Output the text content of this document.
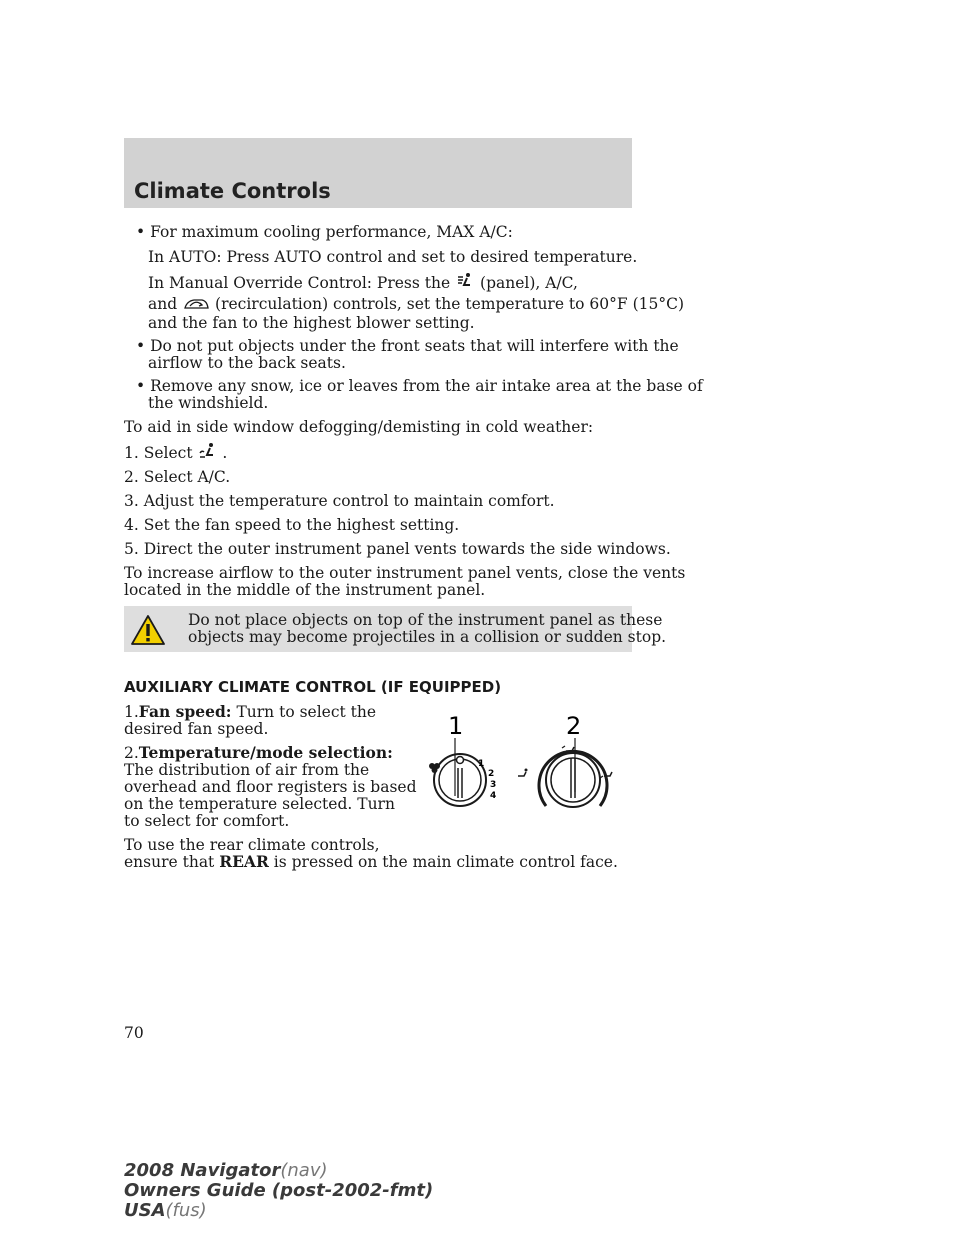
Climate Controls
• For maximum cooling performance, MAX A/C:
In AUTO: Press AUTO control and set to desired temperature.
In Manual Override Control: Press the (panel), A/C,
and (recirculation) controls, set the temperature to 60°F (15°C)
and the fan to the highest blower setting.
• Do not put objects under the front seats that will interfere with the
airflow to the back seats.
• Remove any snow, ice or leaves from the air intake area at the base of
the windshield.
To aid in side window defogging/demisting in cold weather:
1. Select .
2. Select A/C.
3. Adjust the temperature control to maintain comfort.
4. Set the fan speed to the highest setting.
5. Direct the outer instrument panel vents towards the side windows.
To increase airflow to the outer instrument panel vents, close the vents
located in the middle of the instrument panel.
Do not place objects on top of the instrument panel as these
objects may become projectiles in a collision or sudden stop.
AUXILIARY CLIMATE CONTROL (IF EQUIPPED)
1.Fan speed: Turn to select the
desired fan speed.
2.Temperature/mode selection:
The distribution of air from the
overhead and floor registers is based
on the temperature selected. Turn
to select for comfort.
To use the rear climate controls,
ensure that REAR is pressed on the main climate control face.
1
1
2
3
4
2
70
2008 Navigator(nav)
Owners Guide (post-2002-fmt)
USA(fus)
